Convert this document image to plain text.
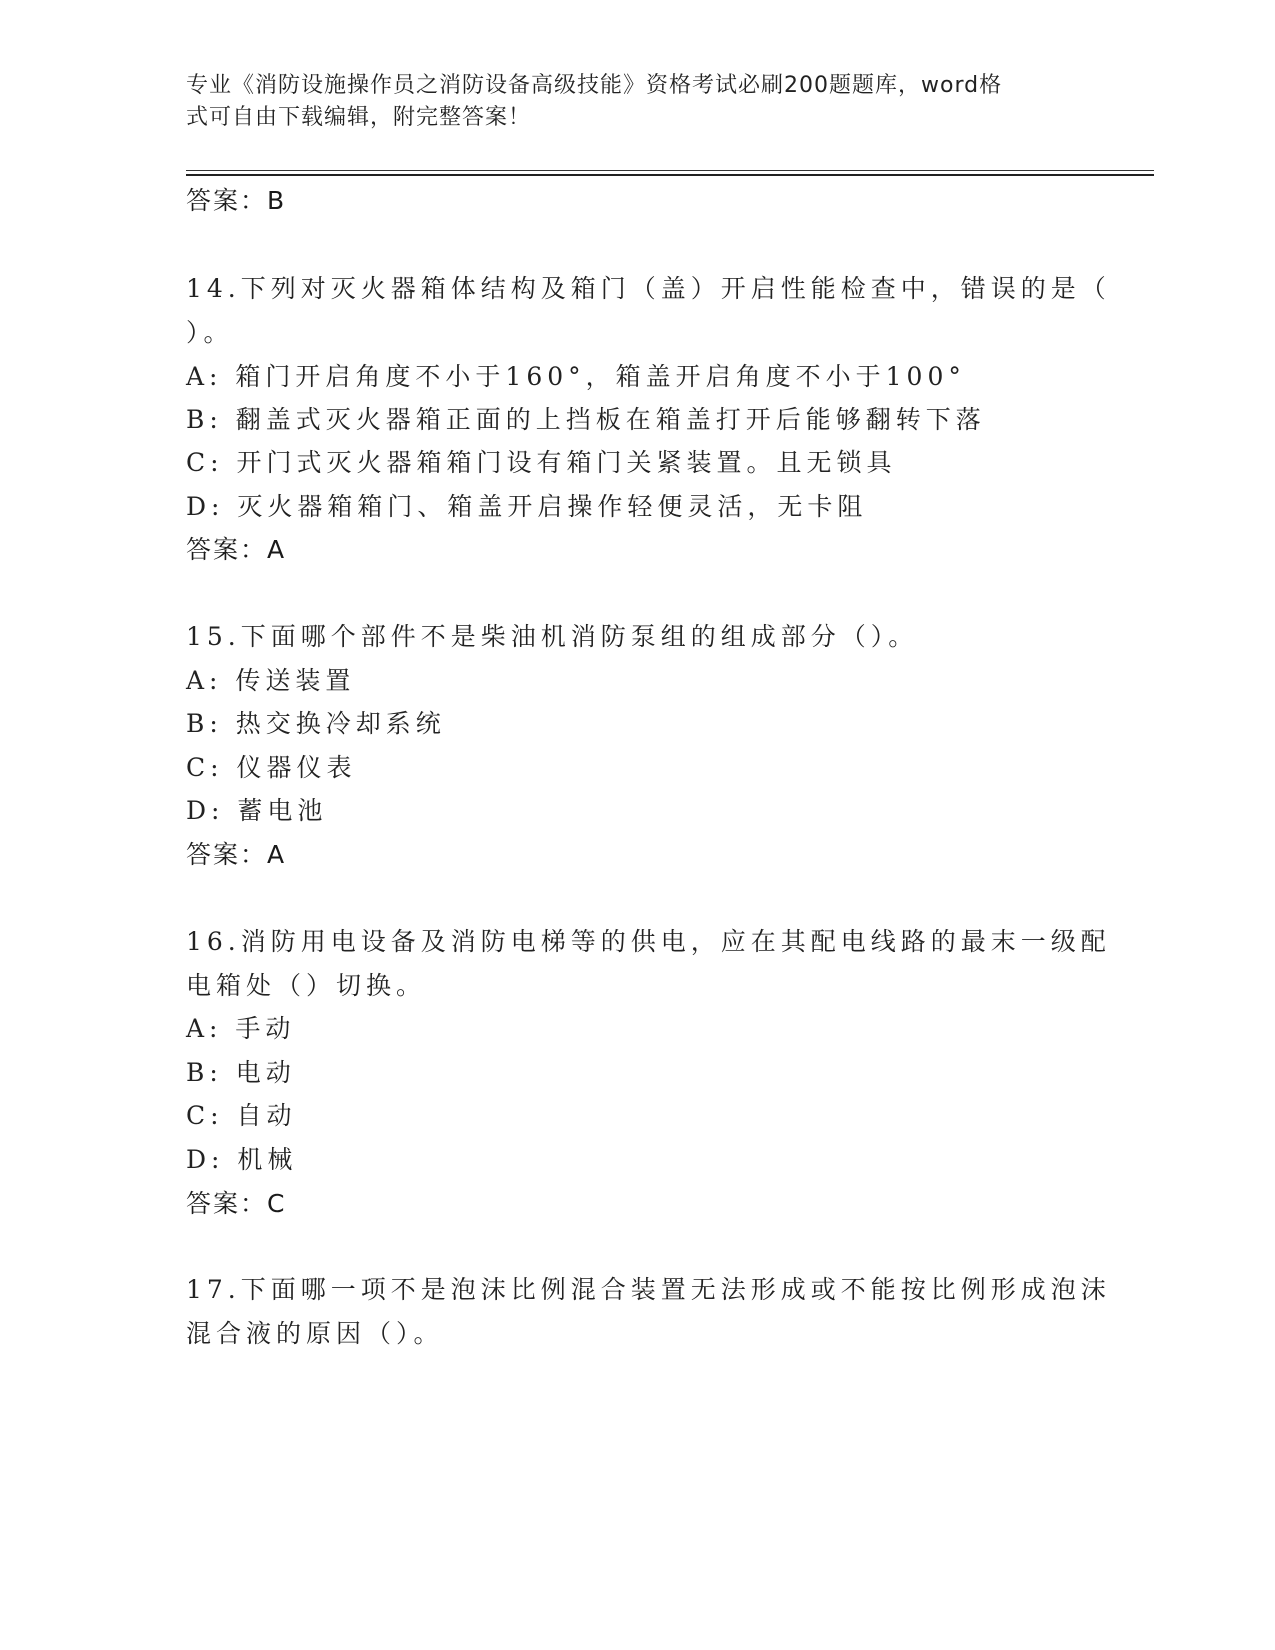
专业《消防设施操作员之消防设备高级技能》资格考试必刷200题题库，word格
式可自由下载编辑，附完整答案！
答案：B
14.下列对灭火器箱体结构及箱门（盖）开启性能检查中，错误的是（
）。
A: 箱门开启角度不小于160°，箱盖开启角度不小于100°
B: 翻盖式灭火器箱正面的上挡板在箱盖打开后能够翻转下落
C: 开门式灭火器箱箱门设有箱门关紧装置。且无锁具
D: 灭火器箱箱门、箱盖开启操作轻便灵活，无卡阻
答案：A
15.下面哪个部件不是柴油机消防泵组的组成部分（）。
A: 传送装置
B: 热交换冷却系统
C: 仪器仪表
D: 蓄电池
答案：A
16.消防用电设备及消防电梯等的供电，应在其配电线路的最末一级配
电箱处（）切换。
A: 手动
B: 电动
C: 自动
D: 机械
答案：C
17.下面哪一项不是泡沫比例混合装置无法形成或不能按比例形成泡沫
混合液的原因（）。
